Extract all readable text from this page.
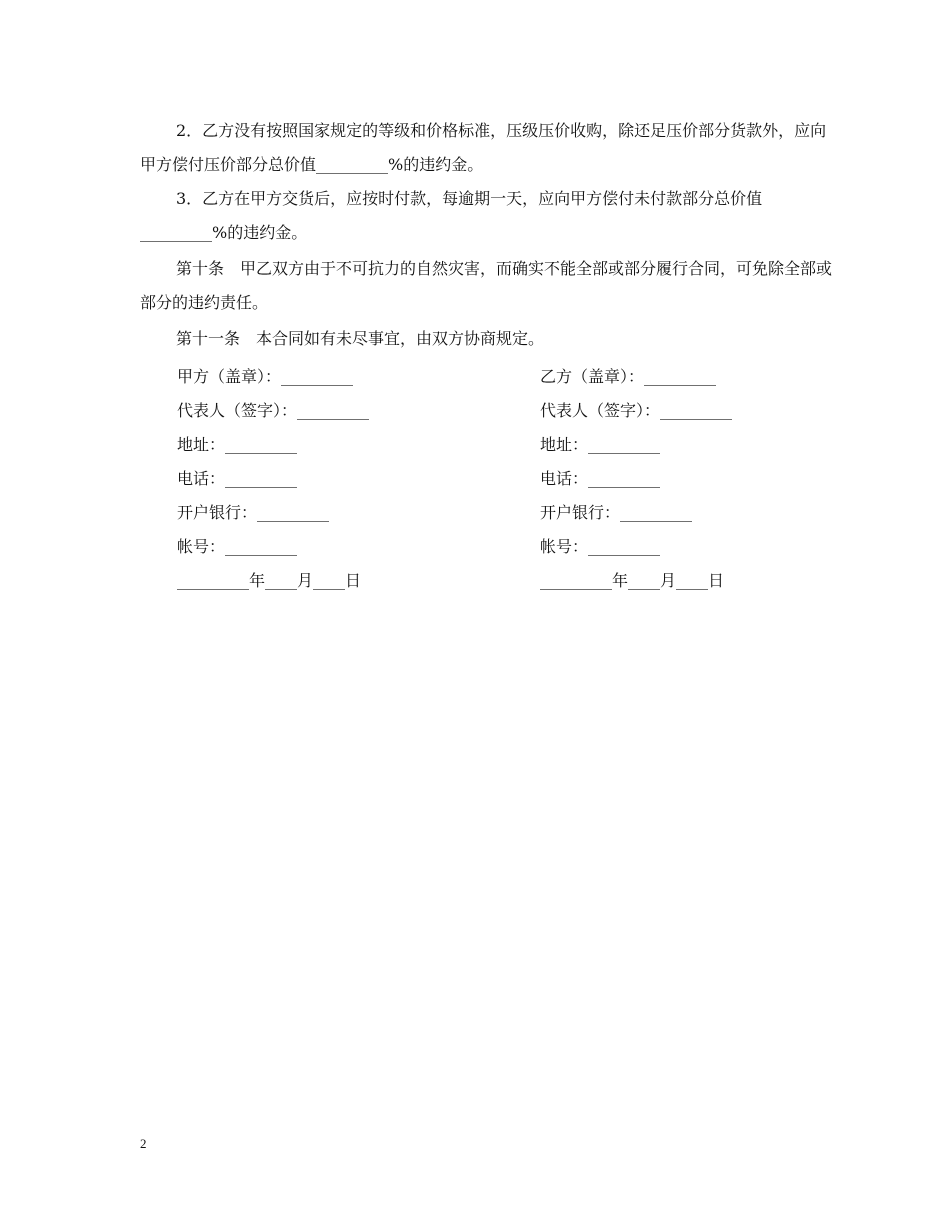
2．乙方没有按照国家规定的等级和价格标准，压级压价收购，除还足压价部分货款外，应向甲方偿付压价部分总价值_________%的违约金。
3．乙方在甲方交货后，应按时付款，每逾期一天，应向甲方偿付未付款部分总价值_________%的违约金。
第十条　甲乙双方由于不可抗力的自然灾害，而确实不能全部或部分履行合同，可免除全部或部分的违约责任。
第十一条　本合同如有未尽事宜，由双方协商规定。
甲方（盖章）：_________	乙方（盖章）：_________
代表人（签字）：_________	代表人（签字）：_________
地址：_________	地址：_________
电话：_________	电话：_________
开户银行：_________	开户银行：_________
帐号：_________	帐号：_________
_________年____月____日	_________年____月____日
2
